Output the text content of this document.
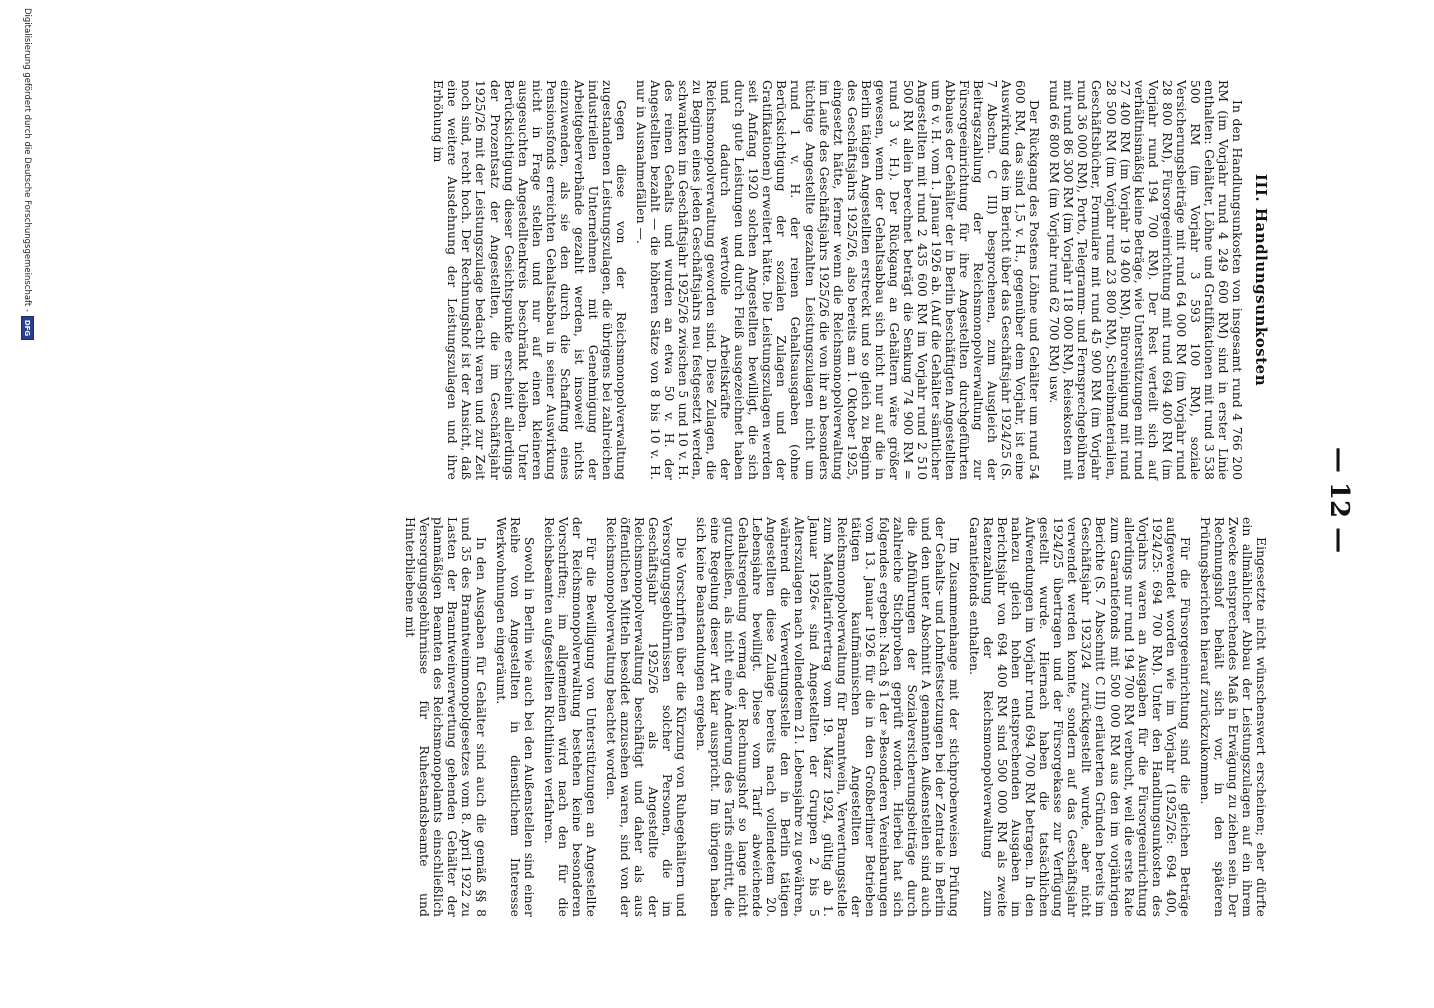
— 12 —

Eingesetzte nicht wünschenswert erscheinen; eher dürfte ein allmählicher Abbau der Leistungszulagen auf ein ihrem Zwecke entsprechendes Maß in Erwägung zu ziehen sein. Der Rechnungshof behält sich vor, in den späteren Prüfungsberichten hierauf zurückzukommen.

Für die Fürsorgeeinrichtung sind die gleichen Beträge aufgewendet worden wie im Vorjahr (1925/26: 694 400, 1924/25: 694 700 RM). Unter den Handlungsunkosten des Vorjahrs waren an Ausgaben für die Fürsorgeeinrichtung allerdings nur rund 194 700 RM verbucht, weil die erste Rate zum Garantiefonds mit 500 000 RM aus den im vorjährigen Berichte (S. 7 Abschnitt C III) erläuterten Gründen bereits im Geschäftsjahr 1923/24 zurückgestellt wurde, aber nicht verwendet werden konnte, sondern auf das Geschäftsjahr 1924/25 übertragen und der Fürsorgekasse zur Verfügung gestellt wurde. Hiernach haben die tatsächlichen Aufwendungen im Vorjahr rund 694 700 RM betragen. In den nahezu gleich hohen entsprechenden Ausgaben im Berichtsjahr von 694 400 RM sind 500 000 RM als zweite Ratenzahlung der Reichsmonopolverwaltung zum Garantiefonds enthalten.

Im Zusammenhange mit der stichprobenweisen Prüfung der Gehalts- und Lohnfestsetzungen bei der Zentrale in Berlin und den unter Abschnitt A genannten Außenstellen sind auch die Abführungen der Sozialversicherungsbeiträge durch zahlreiche Stichproben geprüft worden. Hierbei hat sich folgendes ergeben: Nach § 1 der »Besonderen Vereinbarungen vom 13. Januar 1926 für die in den Großberliner Betrieben tätigen kaufmännischen Angestellten der Reichsmonopolverwaltung für Branntwein, Verwertungsstelle zum Manteltarifvertrag vom 19. März 1924, gültig ab 1. Januar 1926« sind Angestellten der Gruppen 2 bis 5 Alterszulagen nach vollendetem 21. Lebensjahre zu gewähren, während die Verwertungsstelle den in Berlin tätigen Angestellten diese Zulage bereits nach vollendetem 20. Lebensjahre bewilligt. Diese vom Tarif abweichende Gehaltsregelung vermag der Rechnungshof so lange nicht gutzuheißen, als nicht eine Änderung des Tarifs eintritt, die eine Regelung dieser Art klar ausspricht. Im übrigen haben sich keine Beanstandungen ergeben.

Die Vorschriften über die Kürzung von Ruhegehältern und Versorgungsgebührnissen solcher Personen, die im Geschäftsjahr 1925/26 als Angestellte der Reichsmonopolverwaltung beschäftigt und daher als aus öffentlichen Mitteln besoldet anzusehen waren, sind von der Reichsmonopolverwaltung beachtet worden.

Für die Bewilligung von Unterstützungen an Angestellte der Reichsmonopolverwaltung bestehen keine besonderen Vorschriften; im allgemeinen wird nach den für die Reichsbeamten aufgestellten Richtlinien verfahren.

Sowohl in Berlin wie auch bei den Außenstellen sind einer Reihe von Angestellten in dienstlichem Interesse Werkwohnungen eingeräumt.

In den Ausgaben für Gehälter sind auch die gemäß §§ 8 und 35 des Branntweinmonopolgesetzes vom 8. April 1922 zu Lasten der Branntweinverwertung gehenden Gehälter der planmäßigen Beamten des Reichsmonopolamts einschließlich Versorgungsgebührnisse für Ruhestandsbeamte und Hinterbliebene mit

III. Handlungsunkosten

In den Handlungsunkosten von insgesamt rund 4 766 200 RM (im Vorjahr rund 4 249 600 RM) sind in erster Linie enthalten: Gehälter, Löhne und Gratifikationen mit rund 3 538 500 RM (im Vorjahr 3 593 100 RM), soziale Versicherungsbeiträge mit rund 64 000 RM (im Vorjahr rund 28 800 RM), Fürsorgeeinrichtung mit rund 694 400 RM (im Vorjahr rund 194 700 RM). Der Rest verteilt sich auf verhältnismäßig kleine Beträge, wie Unterstützungen mit rund 27 400 RM (im Vorjahr 19 400 RM), Büroreinigung mit rund 28 500 RM (im Vorjahr rund 23 800 RM), Schreibmaterialien, Geschäftsbücher, Formulare mit rund 45 900 RM (im Vorjahr rund 36 000 RM), Porto, Telegramm- und Fernsprechgebühren mit rund 86 300 RM (im Vorjahr 118 000 RM), Reisekosten mit rund 66 800 RM (im Vorjahr rund 62 700 RM) usw.

Der Rückgang des Postens Löhne und Gehälter um rund 54 600 RM, das sind 1,5 v. H., gegenüber dem Vorjahr, ist eine Auswirkung des im Bericht über das Geschäftsjahr 1924/25 (S. 7 Abschn. C III) besprochenen, zum Ausgleich der Beitragszahlung der Reichsmonopolverwaltung zur Fürsorgeeinrichtung für ihre Angestellten durchgeführten Abbaues der Gehälter der in Berlin beschäftigten Angestellten um 6 v. H. vom 1. Januar 1926 ab. (Auf die Gehälter sämtlicher Angestellten mit rund 2 435 600 RM im Vorjahr rund 2 510 500 RM allein berechnet beträgt die Senkung 74 900 RM = rund 3 v. H.). Der Rückgang an Gehältern wäre größer gewesen, wenn der Gehaltsabbau sich nicht nur auf die in Berlin tätigen Angestellten erstreckt und so gleich zu Beginn des Geschäftsjahrs 1925/26, also bereits am 1. Oktober 1925, eingesetzt hätte, ferner wenn die Reichsmonopolverwaltung im Laufe des Geschäftsjahrs 1925/26 die von ihr an besonders tüchtige Angestellte gezahlten Leistungszulagen nicht um rund 1 v. H. der reinen Gehaltsausgaben (ohne Berücksichtigung der sozialen Zulagen und der Gratifikationen) erweitert hätte. Die Leistungszulagen werden seit Anfang 1920 solchen Angestellten bewilligt, die sich durch gute Leistungen und durch Fleiß ausgezeichnet haben und dadurch wertvolle Arbeitskräfte der Reichsmonopolverwaltung geworden sind. Diese Zulagen, die zu Beginn eines jeden Geschäftsjahrs neu festgesetzt werden, schwankten im Geschäftsjahr 1925/26 zwischen 5 und 10 v. H. des reinen Gehalts und wurden an etwa 50 v. H. der Angestellten bezahlt — die höheren Sätze von 8 bis 10 v. H. nur in Ausnahmefällen —.

Gegen diese von der Reichsmonopolverwaltung zugestandenen Leistungszulagen, die übrigens bei zahlreichen industriellen Unternehmen mit Genehmigung der Arbeitgeberverbände gezahlt werden, ist insoweit nichts einzuwenden, als sie den durch die Schaffung eines Pensionsfonds erreichten Gehaltsabbau in seiner Auswirkung nicht in Frage stellen und nur auf einen kleineren ausgesuchten Angestelltenkreis beschränkt bleiben. Unter Berücksichtigung dieser Gesichtspunkte erscheint allerdings der Prozentsatz der Angestellten, die im Geschäftsjahr 1925/26 mit der Leistungszulage bedacht waren und zur Zeit noch sind, recht hoch. Der Rechnungshof ist der Ansicht, daß eine weitere Ausdehnung der Leistungszulagen und ihre Erhöhung im

Digitalisierung gefördert durch die Deutsche Forschungsgemeinschaft -
DFG
